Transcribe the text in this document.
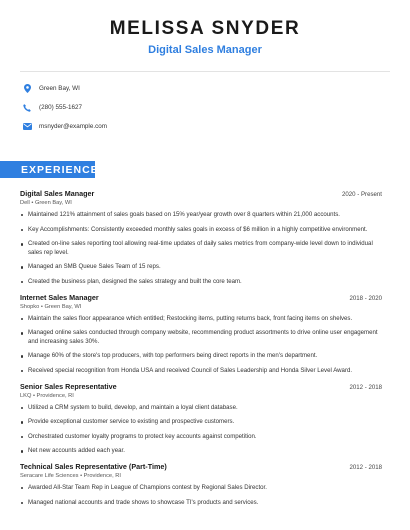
MELISSA SNYDER
Digital Sales Manager
Green Bay, WI
(280) 555-1627
msnyder@example.com
EXPERIENCE
Digital Sales Manager	2020 - Present
Dell • Green Bay, WI
Maintained 121% attainment of sales goals based on 15% year/year growth over 8 quarters within 21,000 accounts.
Key Accomplishments: Consistently exceeded monthly sales goals in excess of $6 million in a highly competitive environment.
Created on-line sales reporting tool allowing real-time updates of daily sales metrics from company-wide level down to individual sales rep level.
Managed an SMB Queue Sales Team of 15 reps.
Created the business plan, designed the sales strategy and built the core team.
Internet Sales Manager	2018 - 2020
Shopko • Green Bay, WI
Maintain the sales floor appearance which entitled; Restocking items, putting returns back, front facing items on shelves.
Managed online sales conducted through company website, recommending product assortments to drive online user engagement and increasing sales 30%.
Manage 60% of the store's top producers, with top performers being direct reports in the men's department.
Received special recognition from Honda USA and received Council of Sales Leadership and Honda Silver Level Award.
Senior Sales Representative	2012 - 2018
LKQ • Providence, RI
Utilized a CRM system to build, develop, and maintain a loyal client database.
Provide exceptional customer service to existing and prospective customers.
Orchestrated customer loyalty programs to protect key accounts against competition.
Net new accounts added each year.
Technical Sales Representative (Part-Time)	2012 - 2018
Seracare Life Sciences • Providence, RI
Awarded All-Star Team Rep in League of Champions contest by Regional Sales Director.
Managed national accounts and trade shows to showcase TI's products and services.
